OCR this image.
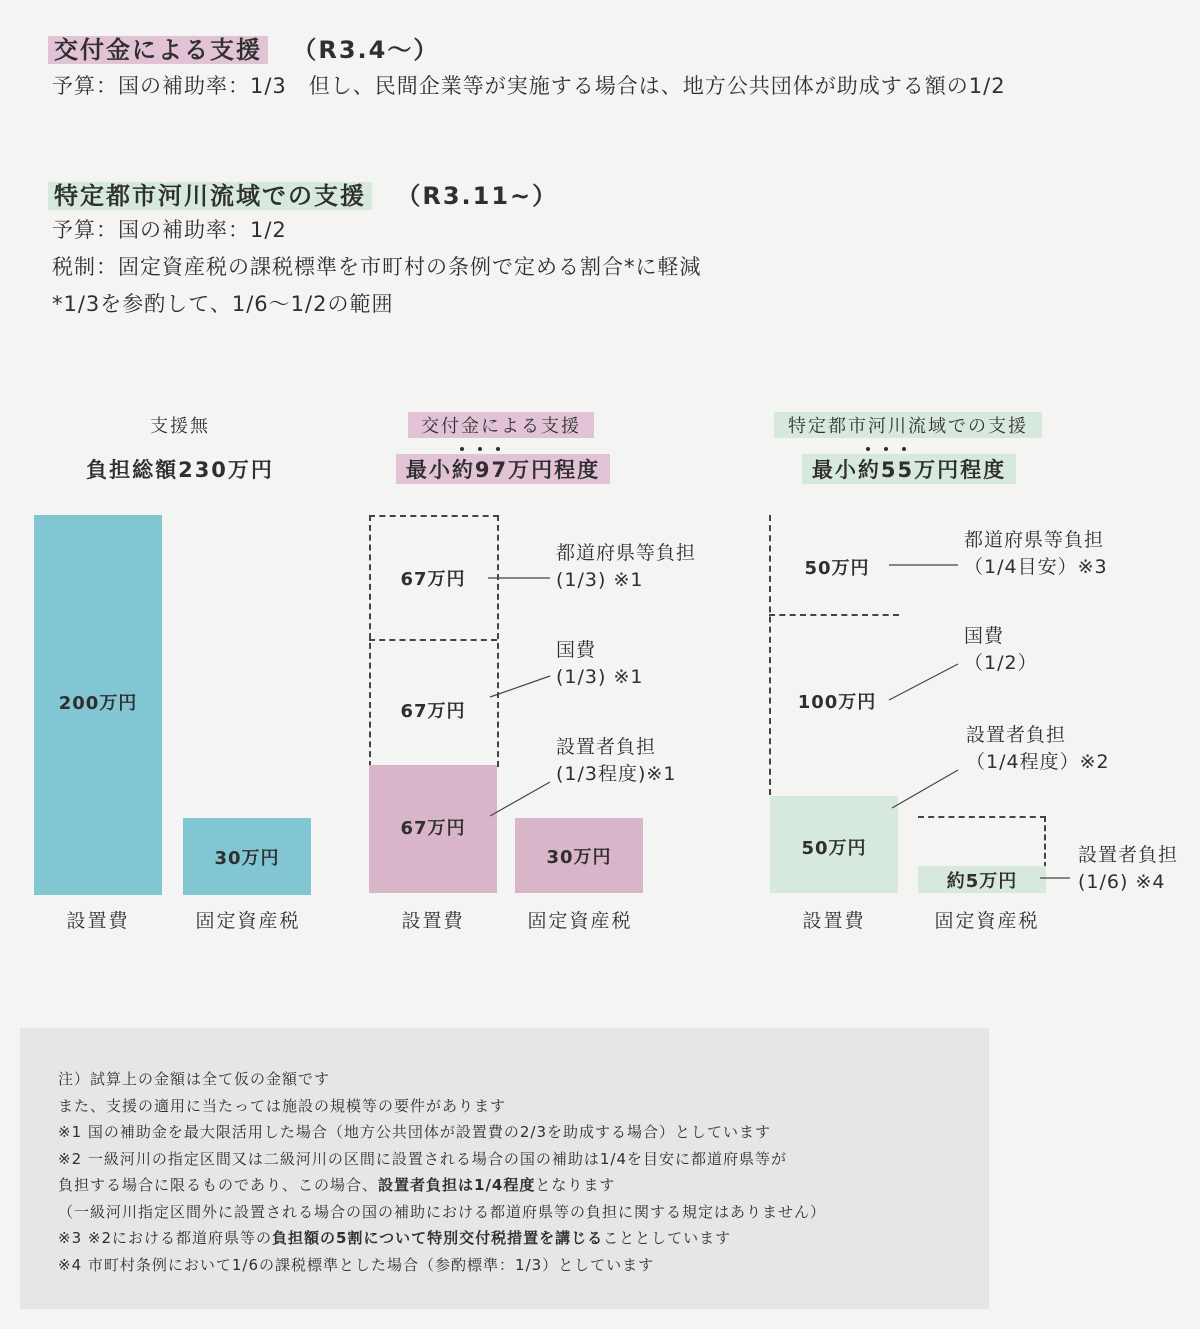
交付金による支援 （R3.4〜）
予算：国の補助率：1/3　但し、民間企業等が実施する場合は、地方公共団体が助成する額の1/2
特定都市河川流域での支援 （R3.11~）
予算：国の補助率：1/2
税制：固定資産税の課税標準を市町村の条例で定める割合*に軽減
*1/3を参酌して、1/6〜1/2の範囲
支援無
負担総額230万円
交付金による支援
最小約97万円程度
特定都市河川流域での支援
最小約55万円程度
200万円
30万円
設置費	固定資産税
67万円
67万円
67万円
30万円
設置費	固定資産税
都道府県等負担
(1/3) ※1
国費
(1/3) ※1
設置者負担
(1/3程度)※1
50万円
100万円
50万円
約5万円
設置費	固定資産税
都道府県等負担
（1/4目安）※3
国費
（1/2）
設置者負担
（1/4程度）※2
設置者負担
(1/6) ※4
注）試算上の金額は全て仮の金額です
また、支援の適用に当たっては施設の規模等の要件があります
※1 国の補助金を最大限活用した場合（地方公共団体が設置費の2/3を助成する場合）としています
※2 一級河川の指定区間又は二級河川の区間に設置される場合の国の補助は1/4を目安に都道府県等が
負担する場合に限るものであり、この場合、設置者負担は1/4程度となります
（一級河川指定区間外に設置される場合の国の補助における都道府県等の負担に関する規定はありません）
※3 ※2における都道府県等の負担額の5割について特別交付税措置を講じることとしています
※4 市町村条例において1/6の課税標準とした場合（参酌標準：1/3）としています
